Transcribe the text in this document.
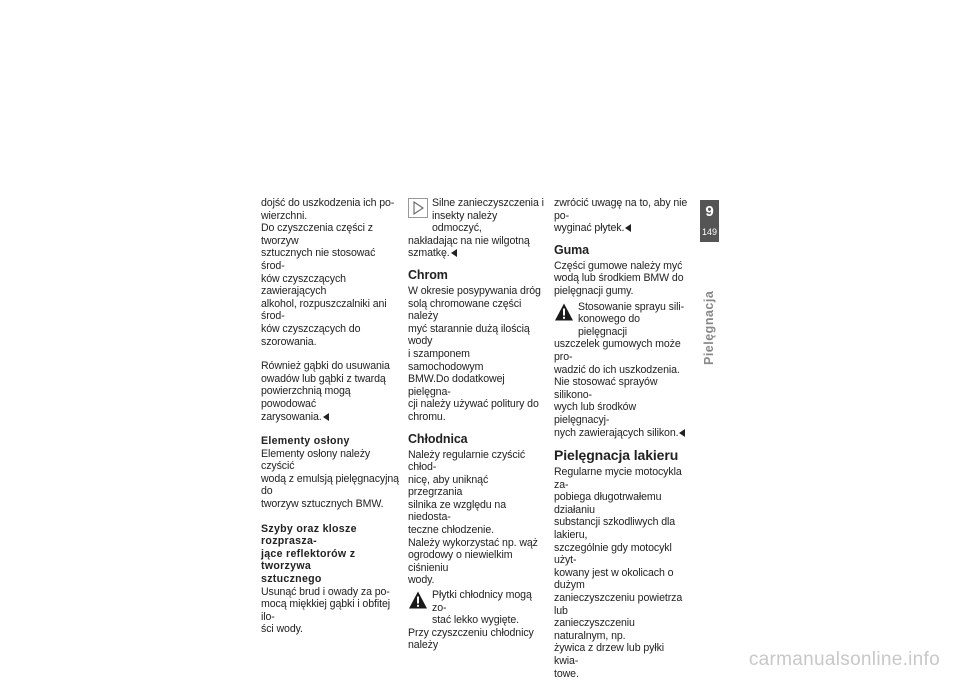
dojść do uszkodzenia ich po-
wierzchni.
Do czyszczenia części z tworzyw
sztucznych nie stosować środ-
ków czyszczących zawierających
alkohol, rozpuszczalniki ani środ-
ków czyszczących do szorowania.

Również gąbki do usuwania
owadów lub gąbki z twardą
powierzchnią mogą powodować
zarysowania.

Elementy osłony

Elementy osłony należy czyścić
wodą z emulsją pielęgnacyjną do
tworzyw sztucznych BMW.

Szyby oraz klosze rozprasza-
jące reflektorów z tworzywa
sztucznego

Usunąć brud i owady za po-
mocą miękkiej gąbki i obfitej ilo-
ści wody.

Silne zanieczyszczenia i
insekty należy odmoczyć,
nakładając na nie wilgotną
szmatkę.

Chrom

W okresie posypywania dróg
solą chromowane części należy
myć starannie dużą ilością wody
i szamponem samochodowym
BMW.Do dodatkowej pielęgna-
cji należy używać politury do
chromu.

Chłodnica

Należy regularnie czyścić chłod-
nicę, aby uniknąć przegrzania
silnika ze względu na niedosta-
teczne chłodzenie.
Należy wykorzystać np. wąż
ogrodowy o niewielkim ciśnieniu
wody.

Płytki chłodnicy mogą zo-
stać lekko wygięte.
Przy czyszczeniu chłodnicy należy

zwrócić uwagę na to, aby nie po-
wyginać płytek.

Guma

Części gumowe należy myć
wodą lub środkiem BMW do
pielęgnacji gumy.

Stosowanie sprayu sili-
konowego do pielęgnacji
uszczelek gumowych może pro-
wadzić do ich uszkodzenia.
Nie stosować sprayów silikono-
wych lub środków pielęgnacyj-
nych zawierających silikon.

Pielęgnacja lakieru

Regularne mycie motocykla za-
pobiega długotrwałemu działaniu
substancji szkodliwych dla lakieru,
szczególnie gdy motocykl użyt-
kowany jest w okolicach o dużym
zanieczyszczeniu powietrza lub
zanieczyszczeniu naturalnym, np.
żywica z drzew lub pyłki kwia-
towe.

9
149
Pielęgnacja
carmanualsonline.info
